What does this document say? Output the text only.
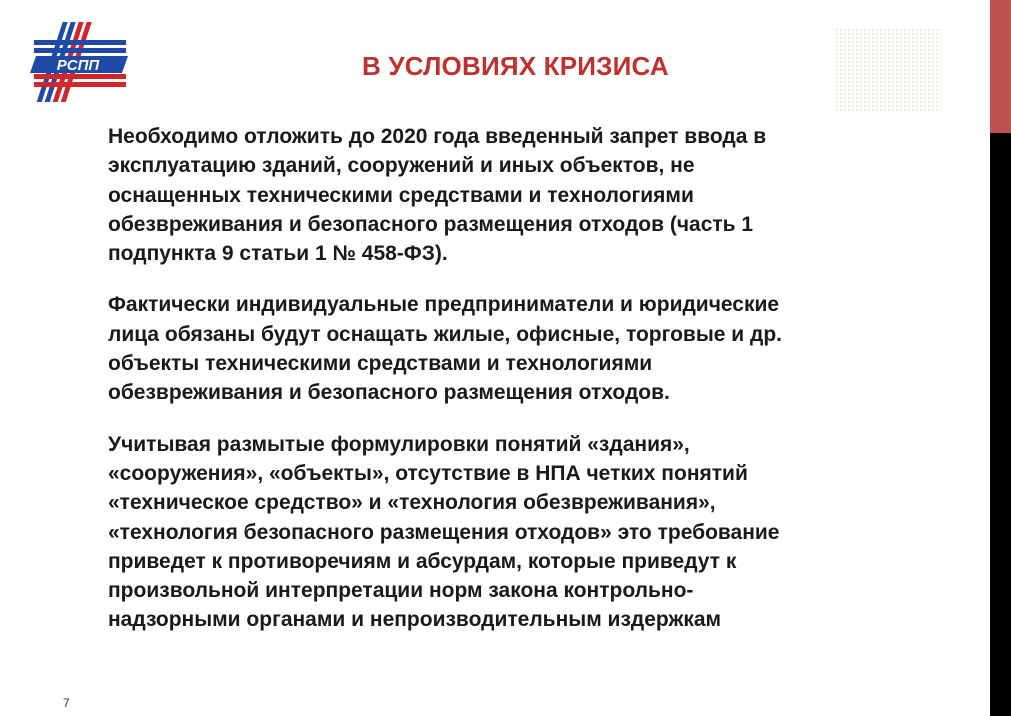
РСПП	В УСЛОВИЯХ КРИЗИСА

Необходимо отложить до 2020 года введенный запрет ввода в
эксплуатацию зданий, сооружений и иных объектов, не
оснащенных техническими средствами и технологиями
обезвреживания и безопасного размещения отходов (часть 1
подпункта 9 статьи 1 № 458-ФЗ).

Фактически индивидуальные предприниматели и юридические
лица обязаны будут оснащать жилые, офисные, торговые и др.
объекты техническими средствами и технологиями
обезвреживания и безопасного размещения отходов.

Учитывая размытые формулировки понятий «здания»,
«сооружения», «объекты», отсутствие в НПА четких понятий
«техническое средство» и «технология обезвреживания»,
«технология безопасного размещения отходов» это требование
приведет к противоречиям и абсурдам, которые приведут к
произвольной интерпретации норм закона контрольно-
надзорными органами и непроизводительным издержкам

7
